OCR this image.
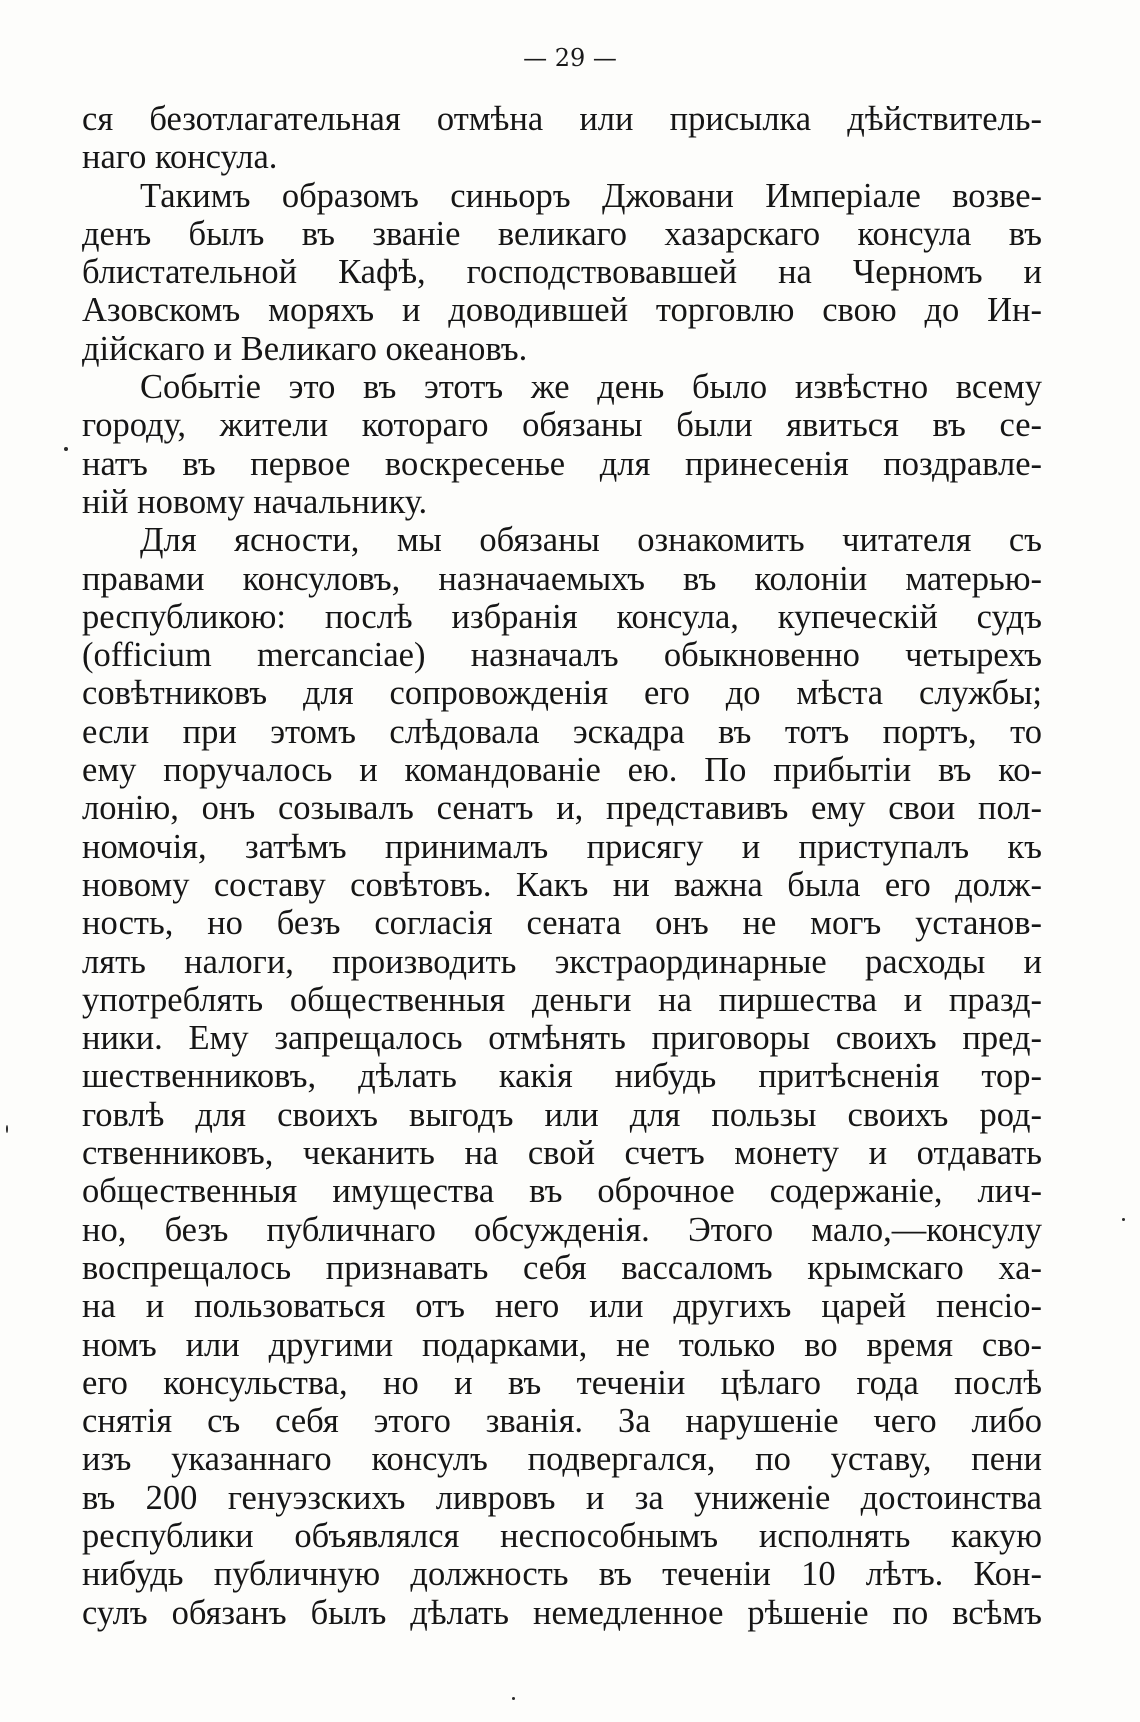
— 29 —
ся безотлагательная отмѣна или присылка дѣйствитель-
наго консула.
Такимъ образомъ синьоръ Джовани Имперіале возве-
денъ былъ въ званіе великаго хазарскаго консула въ
блистательной Кафѣ, господствовавшей на Черномъ и
Азовскомъ моряхъ и доводившей торговлю свою до Ин-
дійскаго и Великаго океановъ.
Событіе это въ этотъ же день было извѣстно всему
городу, жители котораго обязаны были явиться въ се-
натъ въ первое воскресенье для принесенія поздравле-
ній новому начальнику.
Для ясности, мы обязаны ознакомить читателя съ
правами консуловъ, назначаемыхъ въ колоніи матерью-
республикою: послѣ избранія консула, купеческій судъ
(officium mercanciae) назначалъ обыкновенно четырехъ
совѣтниковъ для сопровожденія его до мѣста службы;
если при этомъ слѣдовала эскадра въ тотъ портъ, то
ему поручалось и командованіе ею. По прибытіи въ ко-
лонію, онъ созывалъ сенатъ и, представивъ ему свои пол-
номочія, затѣмъ принималъ присягу и приступалъ къ
новому составу совѣтовъ. Какъ ни важна была его долж-
ность, но безъ согласія сената онъ не могъ установ-
лять налоги, производить экстраординарные расходы и
употреблять общественныя деньги на пиршества и празд-
ники. Ему запрещалось отмѣнять приговоры своихъ пред-
шественниковъ, дѣлать какія нибудь притѣсненія тор-
говлѣ для своихъ выгодъ или для пользы своихъ род-
ственниковъ, чеканить на свой счетъ монету и отдавать
общественныя имущества въ оброчное содержаніе, лич-
но, безъ публичнаго обсужденія. Этого мало,—консулу
воспрещалось признавать себя вассаломъ крымскаго ха-
на и пользоваться отъ него или другихъ царей пенсіо-
номъ или другими подарками, не только во время сво-
его консульства, но и въ теченіи цѣлаго года послѣ
снятія съ себя этого званія. За нарушеніе чего либо
изъ указаннаго консулъ подвергался, по уставу, пени
въ 200 генуэзскихъ ливровъ и за униженіе достоинства
республики объявлялся неспособнымъ исполнять какую
нибудь публичную должность въ теченіи 10 лѣтъ. Кон-
сулъ обязанъ былъ дѣлать немедленное рѣшеніе по всѣмъ
